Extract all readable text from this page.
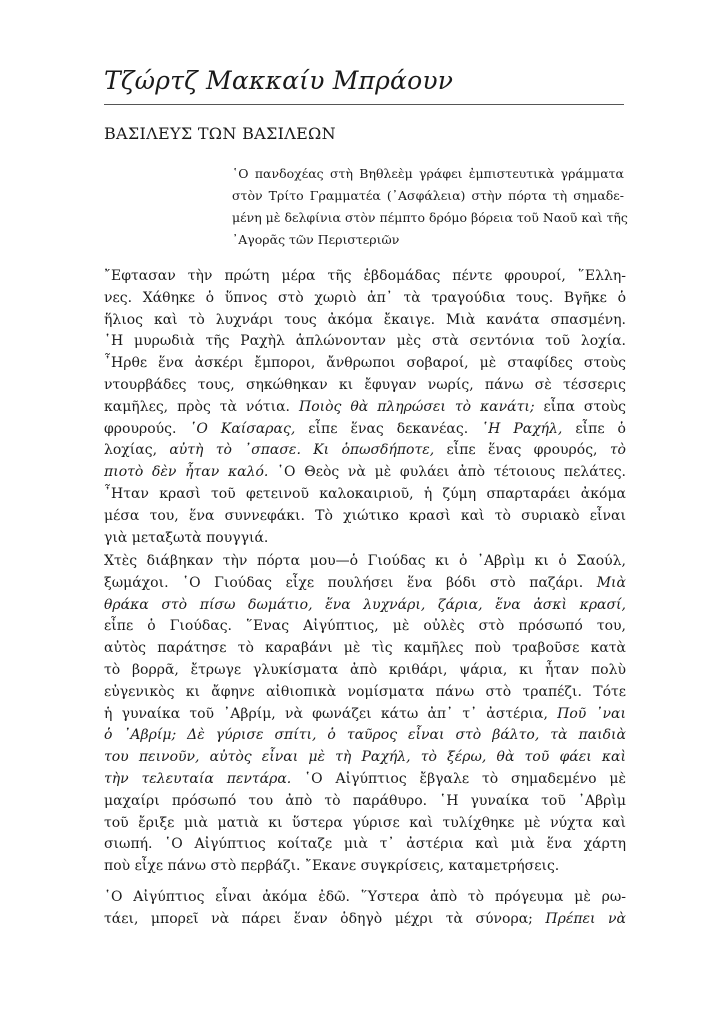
Τζώρτζ Μακκαίυ Μπράουν
ΒΑΣΙΛΕΥΣ ΤΩΝ ΒΑΣΙΛΕΩΝ
῾Ο πανδοχέας στὴ Βηθλεὲμ γράφει ἐμπιστευτικὰ γράμματα
στὸν Τρίτο Γραμματέα (᾿Ασφάλεια) στὴν πόρτα τὴ σημαδε-
μένη μὲ δελφίνια στὸν πέμπτο δρόμο βόρεια τοῦ Ναοῦ καὶ τῆς
᾿Αγορᾶς τῶν Περιστεριῶν
῎Εφτασαν τὴν πρώτη μέρα τῆς ἑβδομάδας πέντε φρουροί, ῞Ελλη-
νες. Χάθηκε ὁ ὕπνος στὸ χωριὸ ἀπ᾿ τὰ τραγούδια τους. Βγῆκε ὁ
ἥλιος καὶ τὸ λυχνάρι τους ἀκόμα ἔκαιγε. Μιὰ κανάτα σπασμένη.
῾Η μυρωδιὰ τῆς Ραχὴλ ἁπλώνονταν μὲς στὰ σεντόνια τοῦ λοχία.
῏Ηρθε ἕνα ἀσκέρι ἔμποροι, ἄνθρωποι σοβαροί, μὲ σταφίδες στοὺς
ντουρβάδες τους, σηκώθηκαν κι ἔφυγαν νωρίς, πάνω σὲ τέσσερις
καμῆλες, πρὸς τὰ νότια. Ποιὸς θὰ πληρώσει τὸ κανάτι; εἶπα στοὺς
φρουρούς. ῾Ο Καίσαρας, εἶπε ἕνας δεκανέας. ῾Η Ραχήλ, εἶπε ὁ
λοχίας, αὐτὴ τὸ ᾿σπασε. Κι ὁπωσδήποτε, εἶπε ἕνας φρουρός, τὸ
πιοτὸ δὲν ἦταν καλό. ῾Ο Θεὸς νὰ μὲ φυλάει ἀπὸ τέτοιους πελάτες.
῏Ηταν κρασὶ τοῦ φετεινοῦ καλοκαιριοῦ, ἡ ζύμη σπαρταράει ἀκόμα
μέσα του, ἕνα συννεφάκι. Τὸ χιώτικο κρασὶ καὶ τὸ συριακὸ εἶναι
γιὰ μεταξωτὰ πουγγιά.
Χτὲς διάβηκαν τὴν πόρτα μου—ὁ Γιούδας κι ὁ ᾿Αβρὶμ κι ὁ Σαούλ,
ξωμάχοι. ῾Ο Γιούδας εἶχε πουλήσει ἕνα βόδι στὸ παζάρι. Μιὰ
θράκα στὸ πίσω δωμάτιο, ἕνα λυχνάρι, ζάρια, ἕνα ἀσκὶ κρασί,
εἶπε ὁ Γιούδας. ῞Ενας Αἰγύπτιος, μὲ οὐλὲς στὸ πρόσωπό του,
αὐτὸς παράτησε τὸ καραβάνι μὲ τὶς καμῆλες ποὺ τραβοῦσε κατὰ
τὸ βορρᾶ, ἔτρωγε γλυκίσματα ἀπὸ κριθάρι, ψάρια, κι ἦταν πολὺ
εὐγενικὸς κι ἄφηνε αἰθιοπικὰ νομίσματα πάνω στὸ τραπέζι. Τότε
ἡ γυναίκα τοῦ ᾿Αβρίμ, νὰ φωνάζει κάτω ἀπ᾿ τ᾿ ἀστέρια, Ποῦ ᾿ναι
ὁ ᾿Αβρίμ; Δὲ γύρισε σπίτι, ὁ ταῦρος εἶναι στὸ βάλτο, τὰ παιδιὰ
του πεινοῦν, αὐτὸς εἶναι μὲ τὴ Ραχήλ, τὸ ξέρω, θὰ τοῦ φάει καὶ
τὴν τελευταία πεντάρα. ῾Ο Αἰγύπτιος ἔβγαλε τὸ σημαδεμένο μὲ
μαχαίρι πρόσωπό του ἀπὸ τὸ παράθυρο. ῾Η γυναίκα τοῦ ᾿Αβρὶμ
τοῦ ἔριξε μιὰ ματιὰ κι ὕστερα γύρισε καὶ τυλίχθηκε μὲ νύχτα καὶ
σιωπή. ῾Ο Αἰγύπτιος κοίταζε μιὰ τ᾿ ἀστέρια καὶ μιὰ ἕνα χάρτη
ποὺ εἶχε πάνω στὸ περβάζι. ῎Εκανε συγκρίσεις, καταμετρήσεις.
῾Ο Αἰγύπτιος εἶναι ἀκόμα ἐδῶ. ῞Υστερα ἀπὸ τὸ πρόγευμα μὲ ρω-
τάει, μπορεῖ νὰ πάρει ἕναν ὁδηγὸ μέχρι τὰ σύνορα; Πρέπει νὰ
